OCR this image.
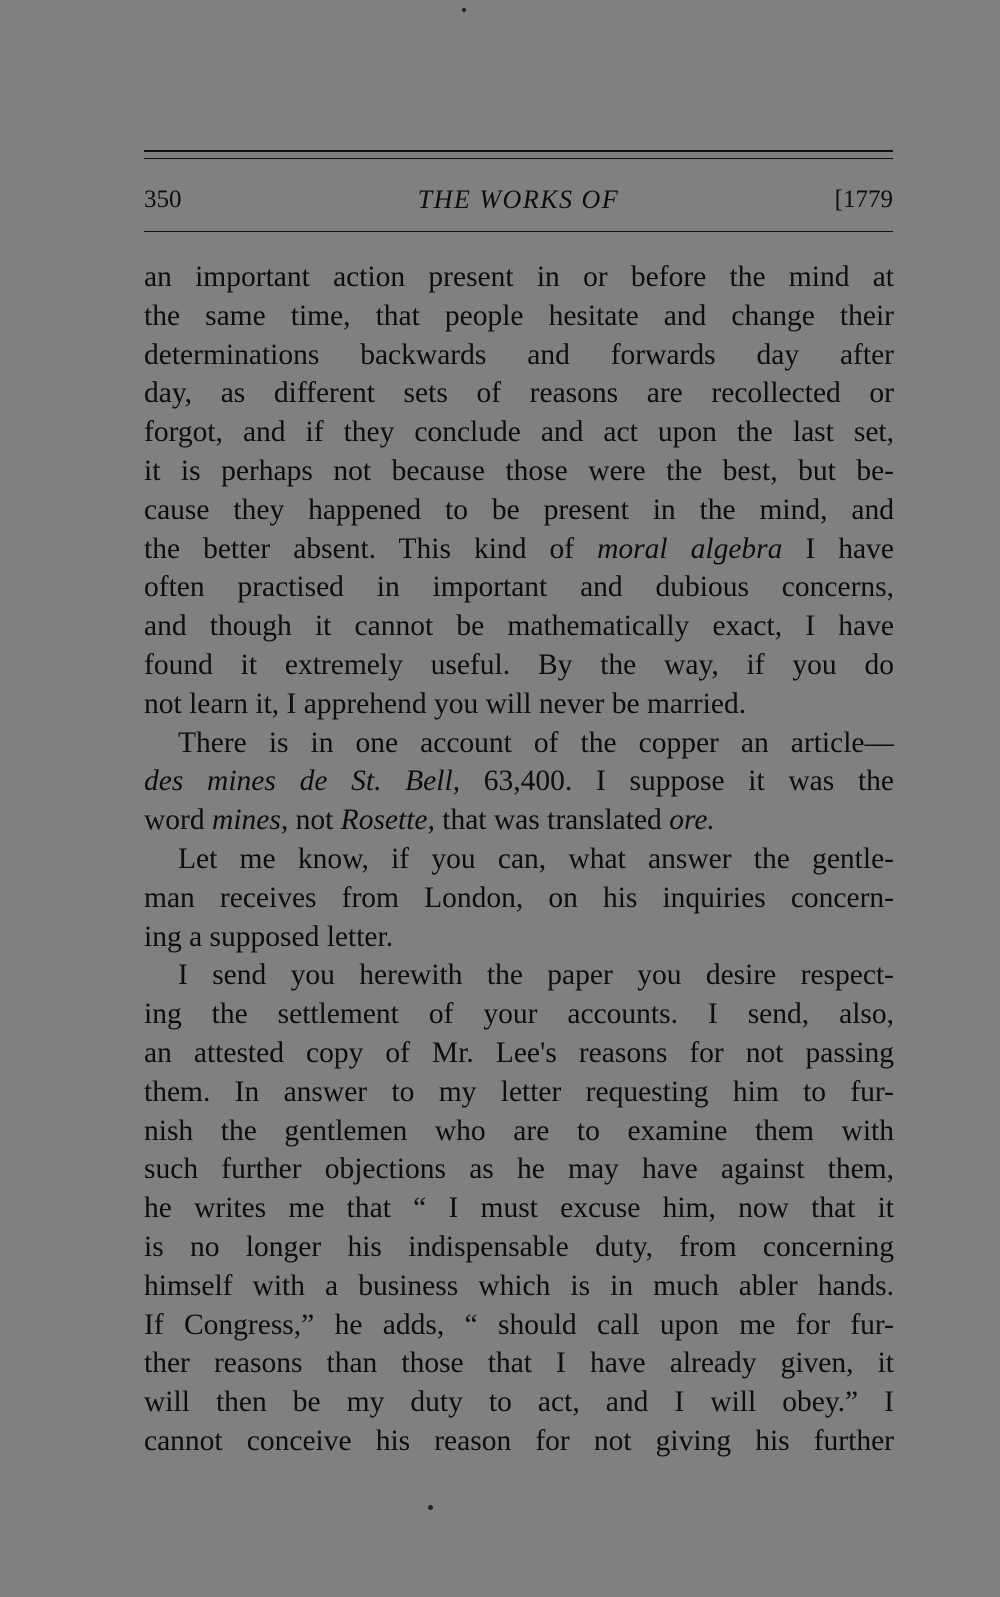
350	THE WORKS OF	[1779
an important action present in or before the mind at
the same time, that people hesitate and change their
determinations backwards and forwards day after
day, as different sets of reasons are recollected or
forgot, and if they conclude and act upon the last set,
it is perhaps not because those were the best, but be-
cause they happened to be present in the mind, and
the better absent. This kind of moral algebra I have
often practised in important and dubious concerns,
and though it cannot be mathematically exact, I have
found it extremely useful. By the way, if you do
not learn it, I apprehend you will never be married.
There is in one account of the copper an article—
des mines de St. Bell, 63,400. I suppose it was the
word mines, not Rosette, that was translated ore.
Let me know, if you can, what answer the gentle-
man receives from London, on his inquiries concern-
ing a supposed letter.
I send you herewith the paper you desire respect-
ing the settlement of your accounts. I send, also,
an attested copy of Mr. Lee's reasons for not passing
them. In answer to my letter requesting him to fur-
nish the gentlemen who are to examine them with
such further objections as he may have against them,
he writes me that “ I must excuse him, now that it
is no longer his indispensable duty, from concerning
himself with a business which is in much abler hands.
If Congress,” he adds, “ should call upon me for fur-
ther reasons than those that I have already given, it
will then be my duty to act, and I will obey.” I
cannot conceive his reason for not giving his further
